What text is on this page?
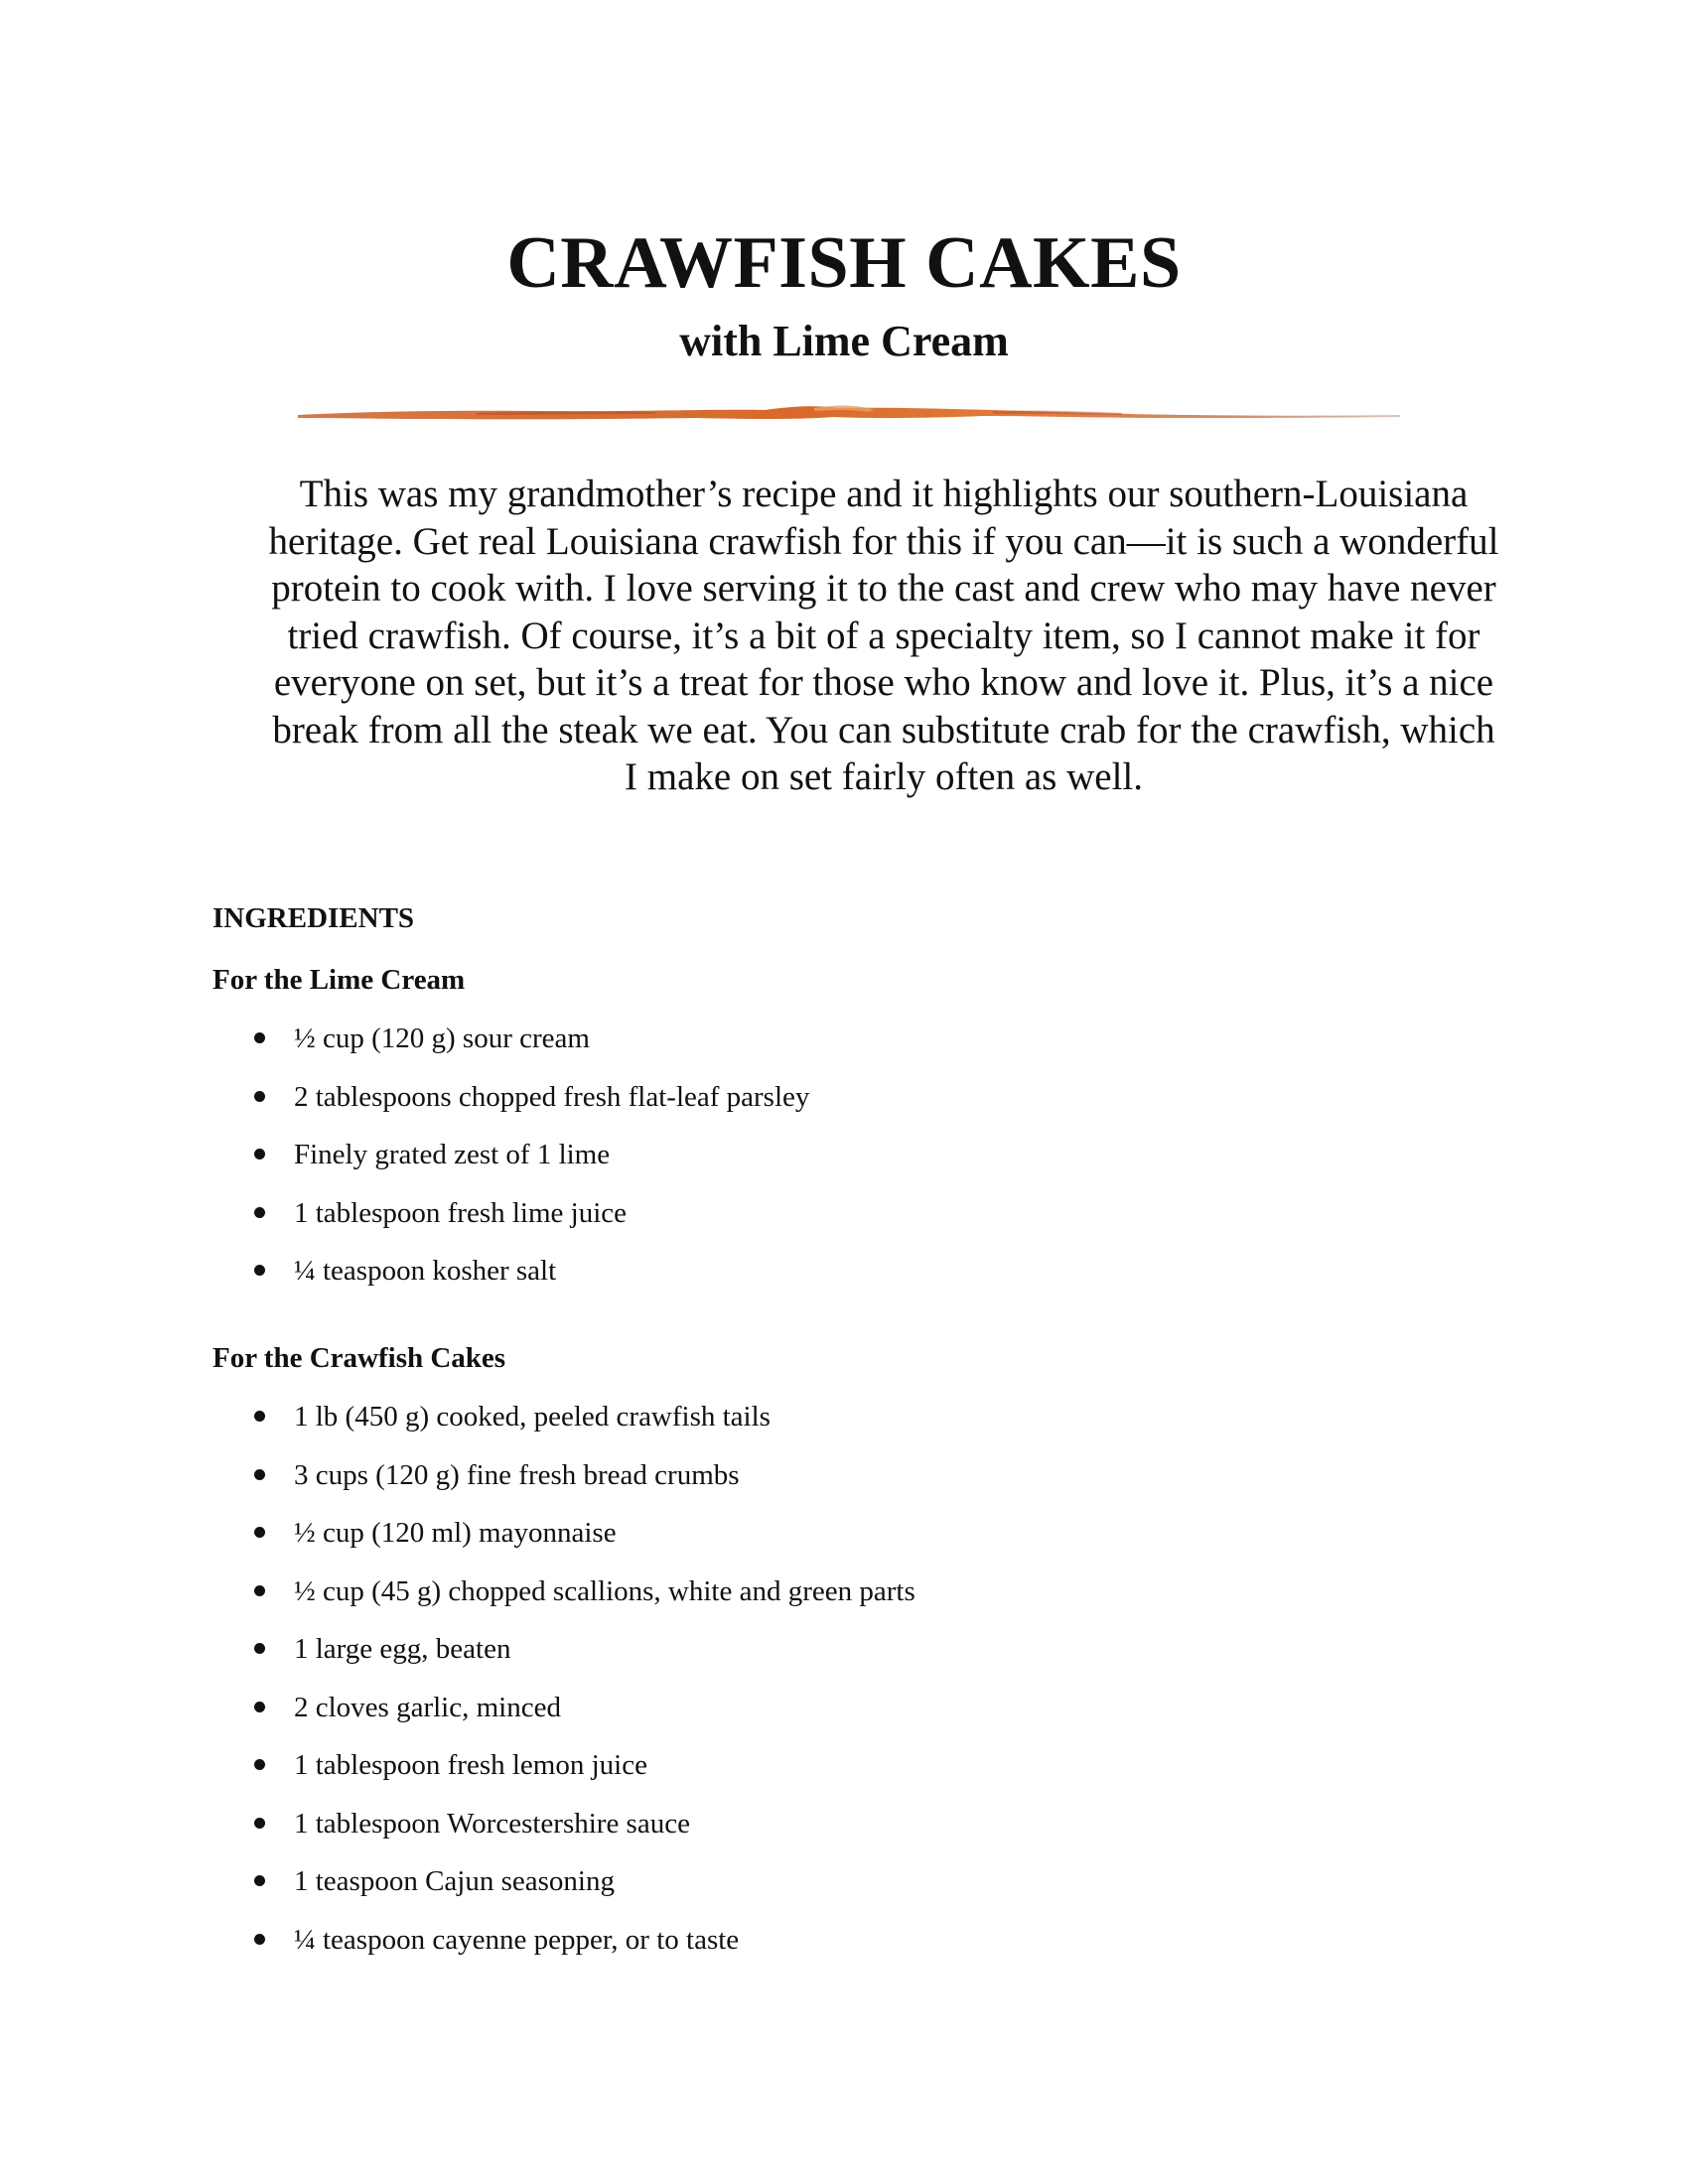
CRAWFISH CAKES
with Lime Cream
This was my grandmother’s recipe and it highlights our southern-Louisiana heritage. Get real Louisiana crawfish for this if you can—it is such a wonderful protein to cook with. I love serving it to the cast and crew who may have never tried crawfish. Of course, it’s a bit of a specialty item, so I cannot make it for everyone on set, but it’s a treat for those who know and love it. Plus, it’s a nice break from all the steak we eat. You can substitute crab for the crawfish, which I make on set fairly often as well.
INGREDIENTS
For the Lime Cream
½ cup (120 g) sour cream
2 tablespoons chopped fresh flat-leaf parsley
Finely grated zest of 1 lime
1 tablespoon fresh lime juice
¼ teaspoon kosher salt
For the Crawfish Cakes
1 lb (450 g) cooked, peeled crawfish tails
3 cups (120 g) fine fresh bread crumbs
½ cup (120 ml) mayonnaise
½ cup (45 g) chopped scallions, white and green parts
1 large egg, beaten
2 cloves garlic, minced
1 tablespoon fresh lemon juice
1 tablespoon Worcestershire sauce
1 teaspoon Cajun seasoning
¼ teaspoon cayenne pepper, or to taste
